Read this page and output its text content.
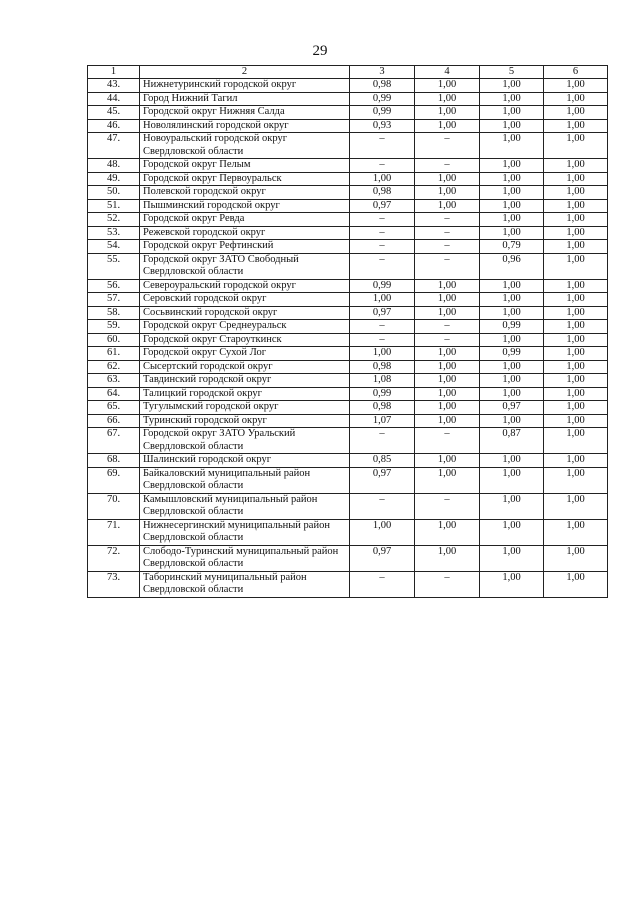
29
1	2	3	4	5	6
43.	Нижнетуринский городской округ	0,98	1,00	1,00	1,00
44.	Город Нижний Тагил	0,99	1,00	1,00	1,00
45.	Городской округ Нижняя Салда	0,99	1,00	1,00	1,00
46.	Новолялинский городской округ	0,93	1,00	1,00	1,00
47.	Новоуральский городской округ Свердловской области	–	–	1,00	1,00
48.	Городской округ Пелым	–	–	1,00	1,00
49.	Городской округ Первоуральск	1,00	1,00	1,00	1,00
50.	Полевской городской округ	0,98	1,00	1,00	1,00
51.	Пышминский городской округ	0,97	1,00	1,00	1,00
52.	Городской округ Ревда	–	–	1,00	1,00
53.	Режевской городской округ	–	–	1,00	1,00
54.	Городской округ Рефтинский	–	–	0,79	1,00
55.	Городской округ ЗАТО Свободный Свердловской области	–	–	0,96	1,00
56.	Североуральский городской округ	0,99	1,00	1,00	1,00
57.	Серовский городской округ	1,00	1,00	1,00	1,00
58.	Сосьвинский городской округ	0,97	1,00	1,00	1,00
59.	Городской округ Среднеуральск	–	–	0,99	1,00
60.	Городской округ Староуткинск	–	–	1,00	1,00
61.	Городской округ Сухой Лог	1,00	1,00	0,99	1,00
62.	Сысертский городской округ	0,98	1,00	1,00	1,00
63.	Тавдинский городской округ	1,08	1,00	1,00	1,00
64.	Талицкий городской округ	0,99	1,00	1,00	1,00
65.	Тугулымский городской округ	0,98	1,00	0,97	1,00
66.	Туринский городской округ	1,07	1,00	1,00	1,00
67.	Городской округ ЗАТО Уральский Свердловской области	–	–	0,87	1,00
68.	Шалинский городской округ	0,85	1,00	1,00	1,00
69.	Байкаловский муниципальный район Свердловской области	0,97	1,00	1,00	1,00
70.	Камышловский муниципальный район Свердловской области	–	–	1,00	1,00
71.	Нижнесергинский муниципальный район Свердловской области	1,00	1,00	1,00	1,00
72.	Слободо-Туринский муниципальный район Свердловской области	0,97	1,00	1,00	1,00
73.	Таборинский муниципальный район Свердловской области	–	–	1,00	1,00
